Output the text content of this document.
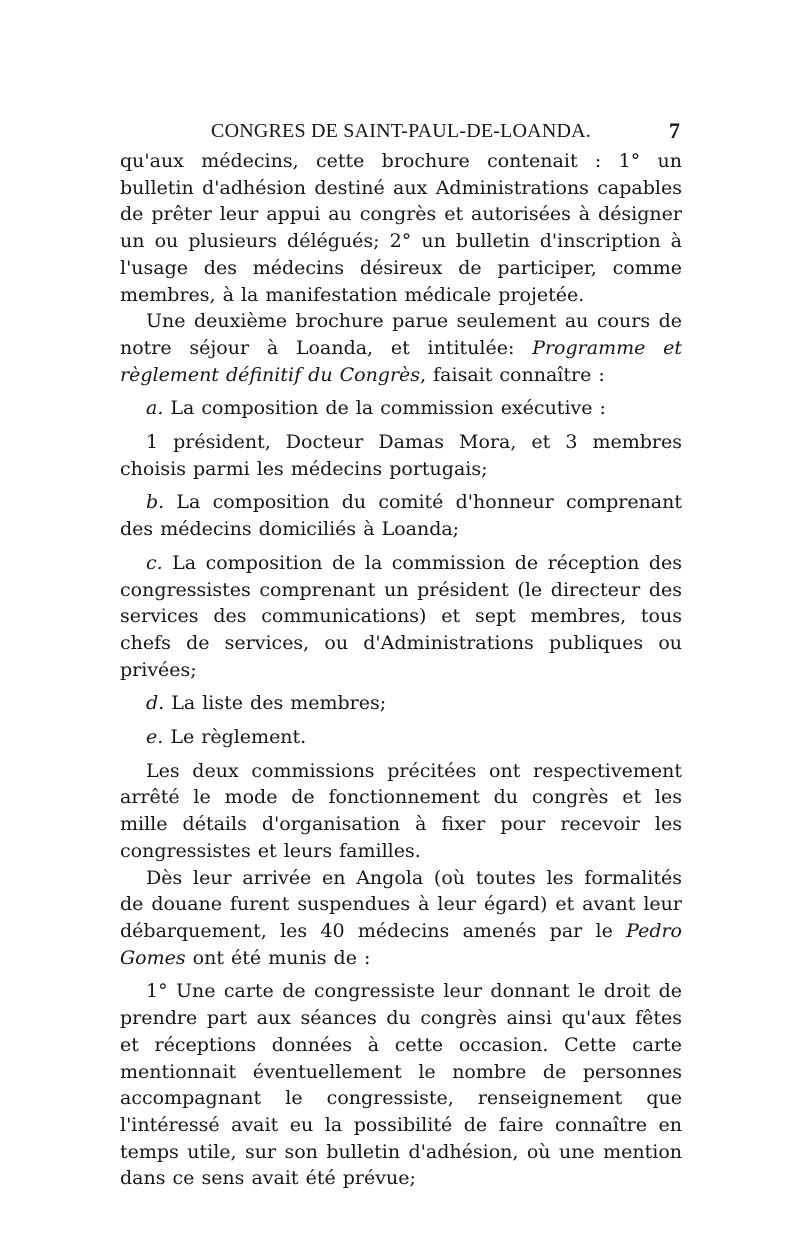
CONGRES DE SAINT-PAUL-DE-LOANDA.	7

qu'aux médecins, cette brochure contenait : 1° un bulletin d'adhésion destiné aux Administrations capables de prêter leur appui au congrès et autorisées à désigner un ou plusieurs délégués; 2° un bulletin d'inscription à l'usage des médecins désireux de participer, comme membres, à la manifestation médicale projetée.

Une deuxième brochure parue seulement au cours de notre séjour à Loanda, et intitulée: Programme et règlement définitif du Congrès, faisait connaître :

a. La composition de la commission exécutive :

1 président, Docteur Damas Mora, et 3 membres choisis parmi les médecins portugais;

b. La composition du comité d'honneur comprenant des médecins domiciliés à Loanda;

c. La composition de la commission de réception des congressistes comprenant un président (le directeur des services des communications) et sept membres, tous chefs de services, ou d'Administrations publiques ou privées;

d. La liste des membres;

e. Le règlement.

Les deux commissions précitées ont respectivement arrêté le mode de fonctionnement du congrès et les mille détails d'organisation à fixer pour recevoir les congressistes et leurs familles.

Dès leur arrivée en Angola (où toutes les formalités de douane furent suspendues à leur égard) et avant leur débarquement, les 40 médecins amenés par le Pedro Gomes ont été munis de :

1° Une carte de congressiste leur donnant le droit de prendre part aux séances du congrès ainsi qu'aux fêtes et réceptions données à cette occasion. Cette carte mentionnait éventuellement le nombre de personnes accompagnant le congressiste, renseignement que l'intéressé avait eu la possibilité de faire connaître en temps utile, sur son bulletin d'adhésion, où une mention dans ce sens avait été prévue;
